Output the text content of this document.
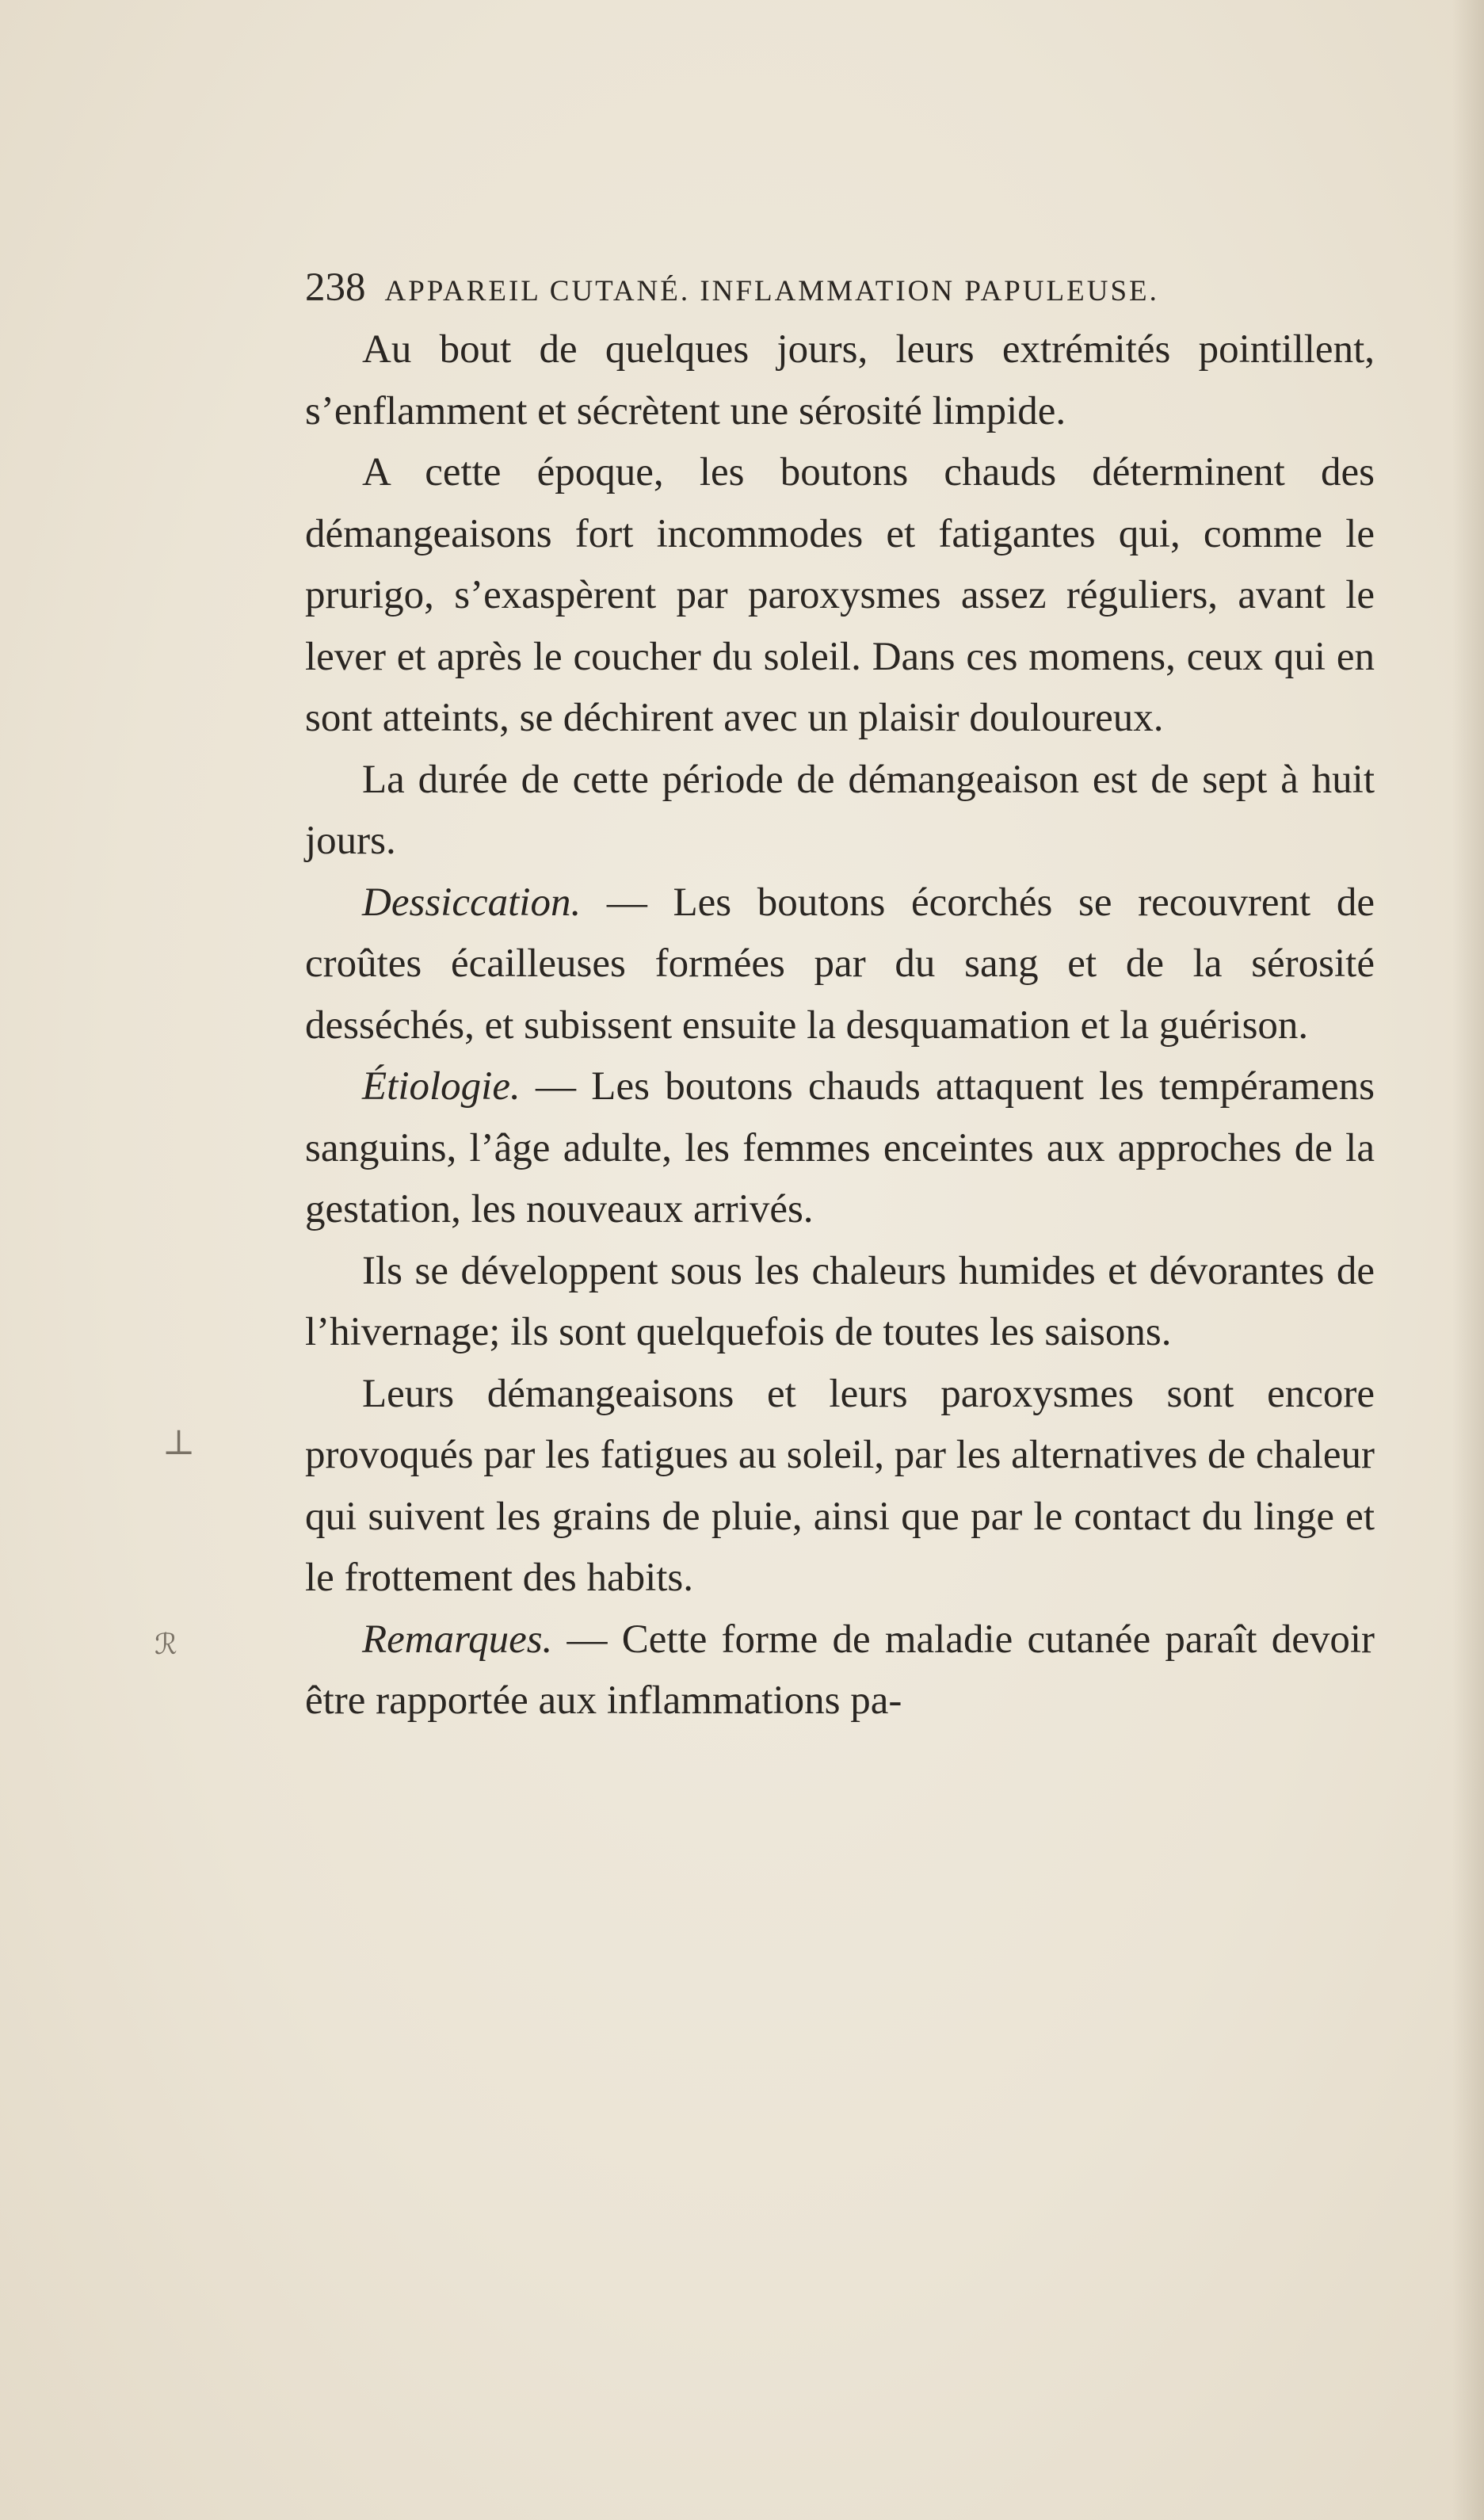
⊥
ℛ
238 APPAREIL CUTANÉ. INFLAMMATION PAPULEUSE.

Au bout de quelques jours, leurs extrémités pointillent, s’enflamment et sécrètent une sérosité limpide.

A cette époque, les boutons chauds déterminent des démangeaisons fort incommodes et fatigantes qui, comme le prurigo, s’exaspèrent par paroxysmes assez réguliers, avant le lever et après le coucher du soleil. Dans ces momens, ceux qui en sont atteints, se déchirent avec un plaisir douloureux.

La durée de cette période de démangeaison est de sept à huit jours.

Dessiccation. — Les boutons écorchés se recouvrent de croûtes écailleuses formées par du sang et de la sérosité desséchés, et subissent ensuite la desquamation et la guérison.

Étiologie. — Les boutons chauds attaquent les tempéramens sanguins, l’âge adulte, les femmes enceintes aux approches de la gestation, les nouveaux arrivés.

Ils se développent sous les chaleurs humides et dévorantes de l’hivernage; ils sont quelquefois de toutes les saisons.

Leurs démangeaisons et leurs paroxysmes sont encore provoqués par les fatigues au soleil, par les alternatives de chaleur qui suivent les grains de pluie, ainsi que par le contact du linge et le frottement des habits.

Remarques. — Cette forme de maladie cutanée paraît devoir être rapportée aux inflammations pa-
